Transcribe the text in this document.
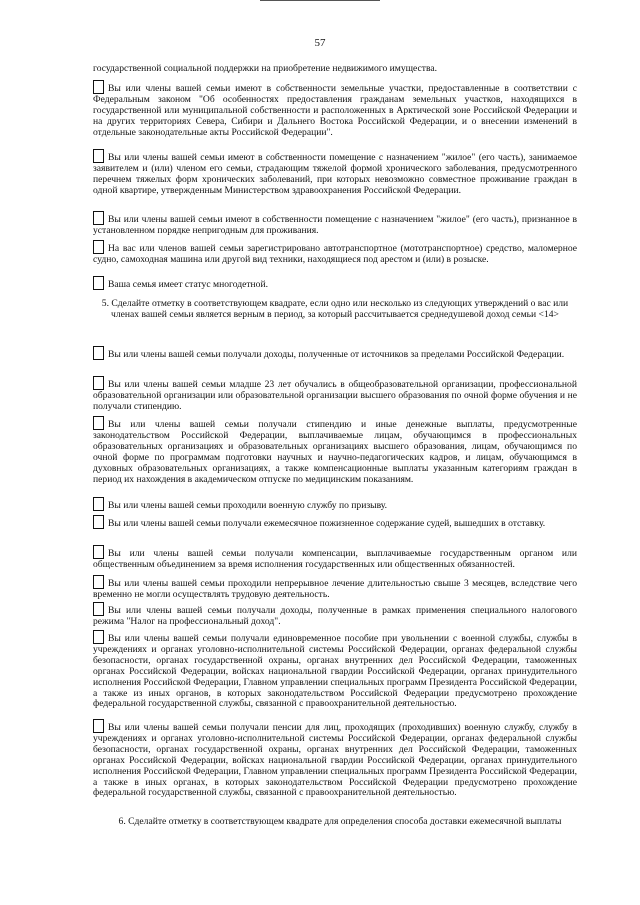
57
государственной социальной поддержки на приобретение недвижимого имущества.
Вы или члены вашей семьи имеют в собственности земельные участки, предоставленные в соответствии с Федеральным законом "Об особенностях предоставления гражданам земельных участков, находящихся в государственной или муниципальной собственности и расположенных в Арктической зоне Российской Федерации и на других территориях Севера, Сибири и Дальнего Востока Российской Федерации, и о внесении изменений в отдельные законодательные акты Российской Федерации".
Вы или члены вашей семьи имеют в собственности помещение с назначением "жилое" (его часть), занимаемое заявителем и (или) членом его семьи, страдающим тяжелой формой хронического заболевания, предусмотренного перечнем тяжелых форм хронических заболеваний, при которых невозможно совместное проживание граждан в одной квартире, утвержденным Министерством здравоохранения Российской Федерации.
Вы или члены вашей семьи имеют в собственности помещение с назначением "жилое" (его часть), признанное в установленном порядке непригодным для проживания.
На вас или членов вашей семьи зарегистрировано автотранспортное (мототранспортное) средство, маломерное судно, самоходная машина или другой вид техники, находящиеся под арестом и (или) в розыске.
Ваша семья имеет статус многодетной.
5. Сделайте отметку в соответствующем квадрате, если одно или несколько из следующих утверждений о вас или членах вашей семьи является верным в период, за который рассчитывается среднедушевой доход семьи <14>
Вы или члены вашей семьи получали доходы, полученные от источников за пределами Российской Федерации.
Вы или члены вашей семьи младше 23 лет обучались в общеобразовательной организации, профессиональной образовательной организации или образовательной организации высшего образования по очной форме обучения и не получали стипендию.
Вы или члены вашей семьи получали стипендию и иные денежные выплаты, предусмотренные законодательством Российской Федерации, выплачиваемые лицам, обучающимся в профессиональных образовательных организациях и образовательных организациях высшего образования, лицам, обучающимся по очной форме по программам подготовки научных и научно-педагогических кадров, и лицам, обучающимся в духовных образовательных организациях, а также компенсационные выплаты указанным категориям граждан в период их нахождения в академическом отпуске по медицинским показаниям.
Вы или члены вашей семьи проходили военную службу по призыву.
Вы или члены вашей семьи получали ежемесячное пожизненное содержание судей, вышедших в отставку.
Вы или члены вашей семьи получали компенсации, выплачиваемые государственным органом или общественным объединением за время исполнения государственных или общественных обязанностей.
Вы или члены вашей семьи проходили непрерывное лечение длительностью свыше 3 месяцев, вследствие чего временно не могли осуществлять трудовую деятельность.
Вы или члены вашей семьи получали доходы, полученные в рамках применения специального налогового режима "Налог на профессиональный доход".
Вы или члены вашей семьи получали единовременное пособие при увольнении с военной службы, службы в учреждениях и органах уголовно-исполнительной системы Российской Федерации, органах федеральной службы безопасности, органах государственной охраны, органах внутренних дел Российской Федерации, таможенных органах Российской Федерации, войсках национальной гвардии Российской Федерации, органах принудительного исполнения Российской Федерации, Главном управлении специальных программ Президента Российской Федерации, а также из иных органов, в которых законодательством Российской Федерации предусмотрено прохождение федеральной государственной службы, связанной с правоохранительной деятельностью.
Вы или члены вашей семьи получали пенсии для лиц, проходящих (проходивших) военную службу, службу в учреждениях и органах уголовно-исполнительной системы Российской Федерации, органах федеральной службы безопасности, органах государственной охраны, органах внутренних дел Российской Федерации, таможенных органах Российской Федерации, войсках национальной гвардии Российской Федерации, органах принудительного исполнения Российской Федерации, Главном управлении специальных программ Президента Российской Федерации, а также в иных органах, в которых законодательством Российской Федерации предусмотрено прохождение федеральной государственной службы, связанной с правоохранительной деятельностью.
6. Сделайте отметку в соответствующем квадрате для определения способа доставки ежемесячной выплаты
